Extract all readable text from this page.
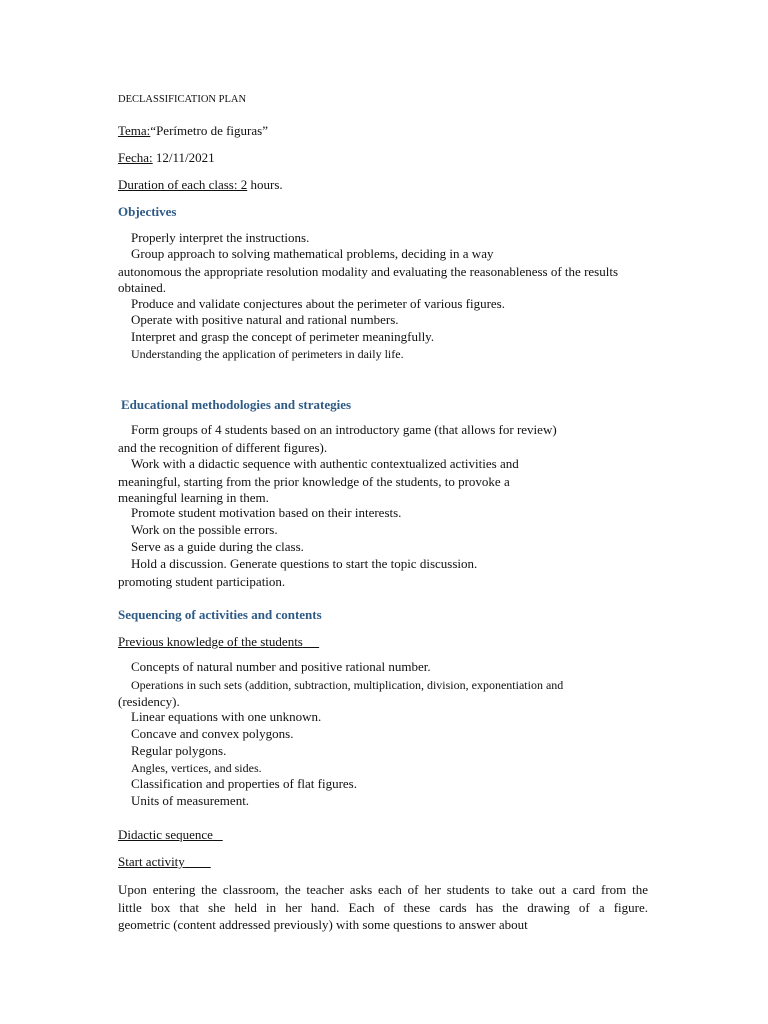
DECLASSIFICATION PLAN
Tema:“Perímetro de figuras”
Fecha: 12/11/2021
Duration of each class: 2 hours.
Objectives
Properly interpret the instructions.
Group approach to solving mathematical problems, deciding in a way
autonomous the appropriate resolution modality and evaluating the reasonableness of the results
obtained.
Produce and validate conjectures about the perimeter of various figures.
Operate with positive natural and rational numbers.
Interpret and grasp the concept of perimeter meaningfully.
Understanding the application of perimeters in daily life.
Educational methodologies and strategies
Form groups of 4 students based on an introductory game (that allows for review)
and the recognition of different figures).
Work with a didactic sequence with authentic contextualized activities and
meaningful, starting from the prior knowledge of the students, to provoke a
meaningful learning in them.
Promote student motivation based on their interests.
Work on the possible errors.
Serve as a guide during the class.
Hold a discussion. Generate questions to start the topic discussion.
promoting student participation.
Sequencing of activities and contents
Previous knowledge of the students
Concepts of natural number and positive rational number.
Operations in such sets (addition, subtraction, multiplication, division, exponentiation and
(residency).
Linear equations with one unknown.
Concave and convex polygons.
Regular polygons.
Angles, vertices, and sides.
Classification and properties of flat figures.
Units of measurement.
Didactic sequence
Start activity
Upon entering the classroom, the teacher asks each of her students to take out a card from the
little box that she held in her hand. Each of these cards has the drawing of a figure.
geometric (content addressed previously) with some questions to answer about
